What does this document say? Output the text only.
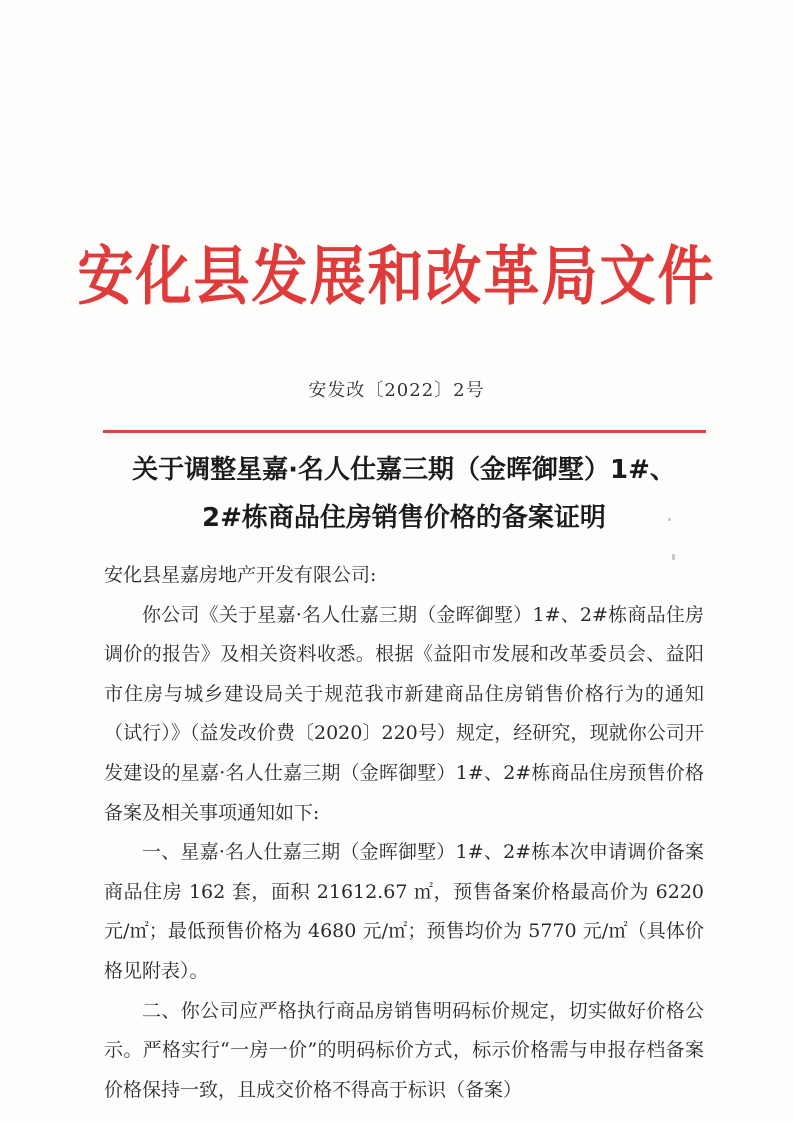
安化县发展和改革局文件
安发改〔2022〕2号
关于调整星嘉·名人仕嘉三期（金晖御墅）1#、
2#栋商品住房销售价格的备案证明

安化县星嘉房地产开发有限公司:

你公司《关于星嘉·名人仕嘉三期（金晖御墅）1#、2#栋商品住房调价的报告》及相关资料收悉。根据《益阳市发展和改革委员会、益阳市住房与城乡建设局关于规范我市新建商品住房销售价格行为的通知（试行）》（益发改价费〔2020〕220号）规定，经研究，现就你公司开发建设的星嘉·名人仕嘉三期（金晖御墅）1#、2#栋商品住房预售价格备案及相关事项通知如下:

一、星嘉·名人仕嘉三期（金晖御墅）1#、2#栋本次申请调价备案商品住房 162 套，面积 21612.67 ㎡，预售备案价格最高价为 6220 元/㎡；最低预售价格为 4680 元/㎡；预售均价为 5770 元/㎡（具体价格见附表）。

二、你公司应严格执行商品房销售明码标价规定，切实做好价格公示。严格实行“一房一价”的明码标价方式，标示价格需与申报存档备案价格保持一致，且成交价格不得高于标识（备案）
